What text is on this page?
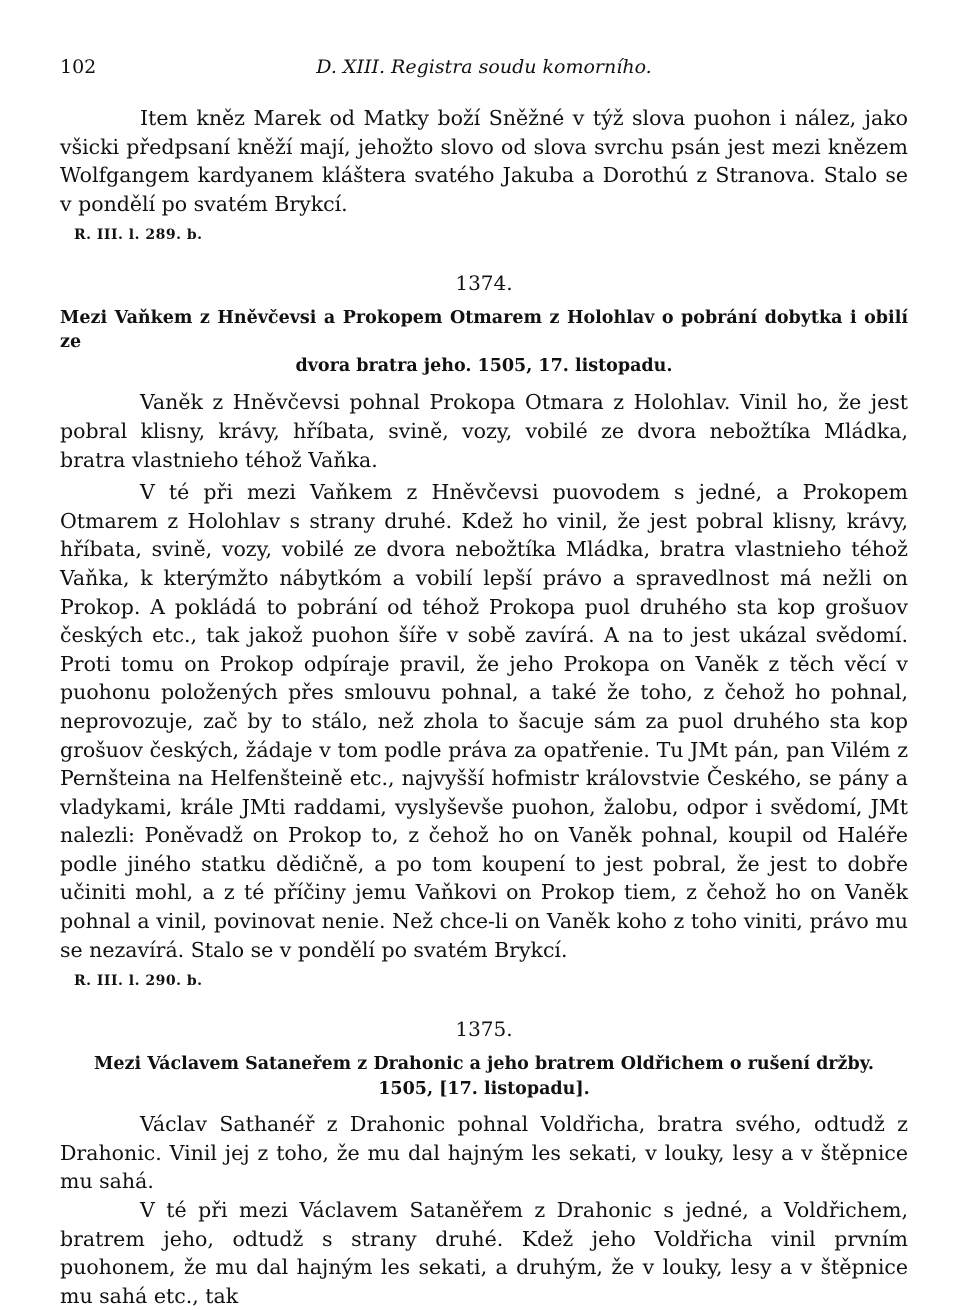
102	D. XIII. Registra soudu komorního.

Item kněz Marek od Matky boží Sněžné v týž slova puohon i nález, jako všicki předpsaní kněží mají, jehožto slovo od slova svrchu psán jest mezi knězem Wolfgangem kardyanem kláštera svatého Jakuba a Dorothú z Stranova. Stalo se v pondělí po svatém Brykcí.

R. III. l. 289. b.
1374.
Mezi Vaňkem z Hněvčevsi a Prokopem Otmarem z Holohlav o pobrání dobytka i obilí ze
dvora bratra jeho. 1505, 17. listopadu.

Vaněk z Hněvčevsi pohnal Prokopa Otmara z Holohlav. Vinil ho, že jest pobral klisny, krávy, hříbata, svině, vozy, vobilé ze dvora nebožtíka Mládka, bratra vlastnieho téhož Vaňka.

V té při mezi Vaňkem z Hněvčevsi puovodem s jedné, a Prokopem Otmarem z Holohlav s strany druhé. Kdež ho vinil, že jest pobral klisny, krávy, hříbata, svině, vozy, vobilé ze dvora nebožtíka Mládka, bratra vlastnieho téhož Vaňka, k kterýmžto nábytkóm a vobilí lepší právo a spravedlnost má nežli on Prokop. A pokládá to pobrání od téhož Prokopa puol druhého sta kop grošuov českých etc., tak jakož puohon šíře v sobě zavírá. A na to jest ukázal svědomí. Proti tomu on Prokop odpíraje pravil, že jeho Prokopa on Vaněk z těch věcí v puohonu položených přes smlouvu pohnal, a také že toho, z čehož ho pohnal, neprovozuje, zač by to stálo, než zhola to šacuje sám za puol druhého sta kop grošuov českých, žádaje v tom podle práva za opatřenie. Tu JMt pán, pan Vilém z Pernšteina na Helfenšteině etc., najvyšší hofmistr královstvie Českého, se pány a vladykami, krále JMti raddami, vyslyševše puohon, žalobu, odpor i svědomí, JMt nalezli: Poněvadž on Prokop to, z čehož ho on Vaněk pohnal, koupil od Haléře podle jiného statku dědičně, a po tom koupení to jest pobral, že jest to dobře učiniti mohl, a z té příčiny jemu Vaňkovi on Prokop tiem, z čehož ho on Vaněk pohnal a vinil, povinovat nenie. Než chce-li on Vaněk koho z toho viniti, právo mu se nezavírá. Stalo se v pondělí po svatém Brykcí.

R. III. l. 290. b.
1375.
Mezi Václavem Sataneřem z Drahonic a jeho bratrem Oldřichem o rušení držby.
1505, [17. listopadu].

Václav Sathanéř z Drahonic pohnal Voldřicha, bratra svého, odtudž z Drahonic. Vinil jej z toho, že mu dal hajným les sekati, v louky, lesy a v štěpnice mu sahá.

V té při mezi Václavem Sataněřem z Drahonic s jedné, a Voldřichem, bratrem jeho, odtudž s strany druhé. Kdež jeho Voldřicha vinil prvním puohonem, že mu dal hajným les sekati, a druhým, že v louky, lesy a v štěpnice mu sahá etc., tak
